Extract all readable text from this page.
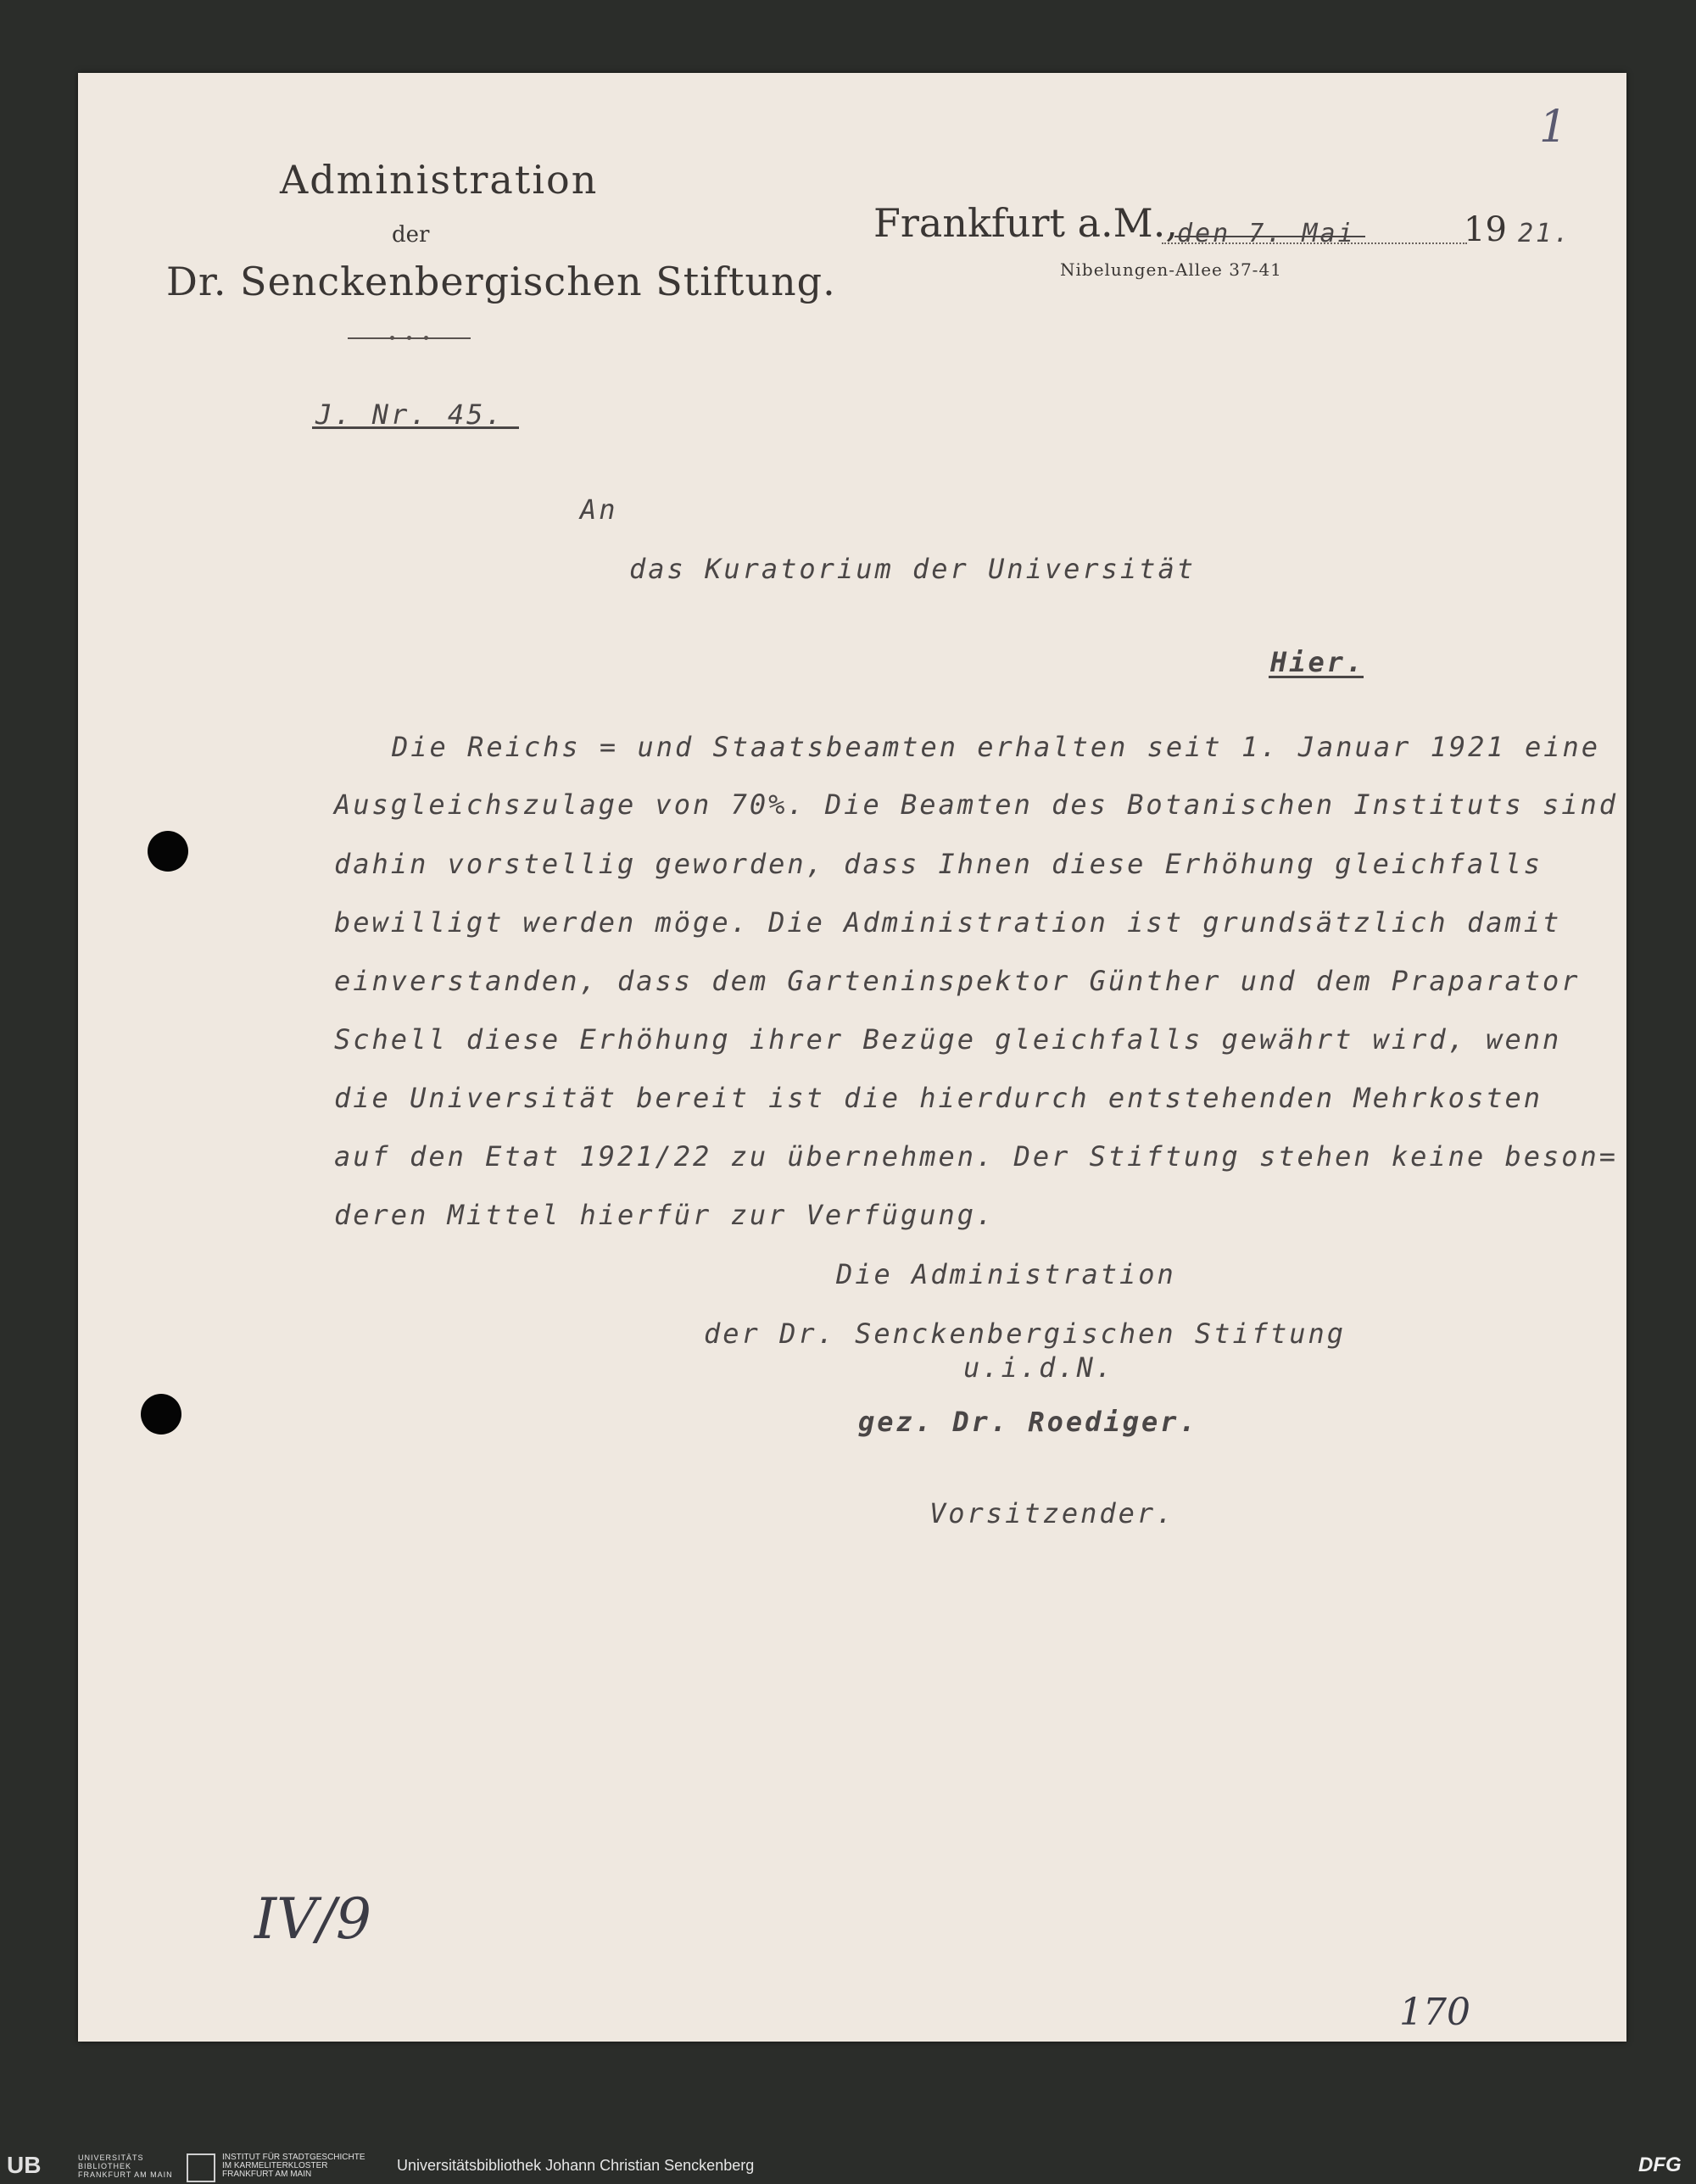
Administration
der
Dr. Senckenbergischen Stiftung.
Frankfurt a.M., den 7. Mai	19 21.
Nibelungen-Allee 37-41
J. Nr. 45.
An
das Kuratorium der Universität
Hier.
Die Reichs = und Staatsbeamten erhalten seit 1. Januar 1921 eine
Ausgleichszulage von 70%. Die Beamten des Botanischen Instituts sind
dahin vorstellig geworden, dass Ihnen diese Erhöhung gleichfalls
bewilligt werden möge. Die Administration ist grundsätzlich damit
einverstanden, dass dem Garteninspektor Günther und dem Praparator
Schell diese Erhöhung ihrer Bezüge gleichfalls gewährt wird, wenn
die Universität bereit ist die hierdurch entstehenden Mehrkosten
auf den Etat 1921/22 zu übernehmen. Der Stiftung stehen keine beson=
deren Mittel hierfür zur Verfügung.
Die Administration
der Dr. Senckenbergischen Stiftung
u.i.d.N.
gez. Dr. Roediger.
Vorsitzender.
1
IV/9
170
UB	UNIVERSITÄTS BIBLIOTHEK FRANKFURT AM MAIN
INSTITUT FÜR STADTGESCHICHTE IM KARMELITERKLOSTER FRANKFURT AM MAIN
Universitätsbibliothek Johann Christian Senckenberg	DFG
